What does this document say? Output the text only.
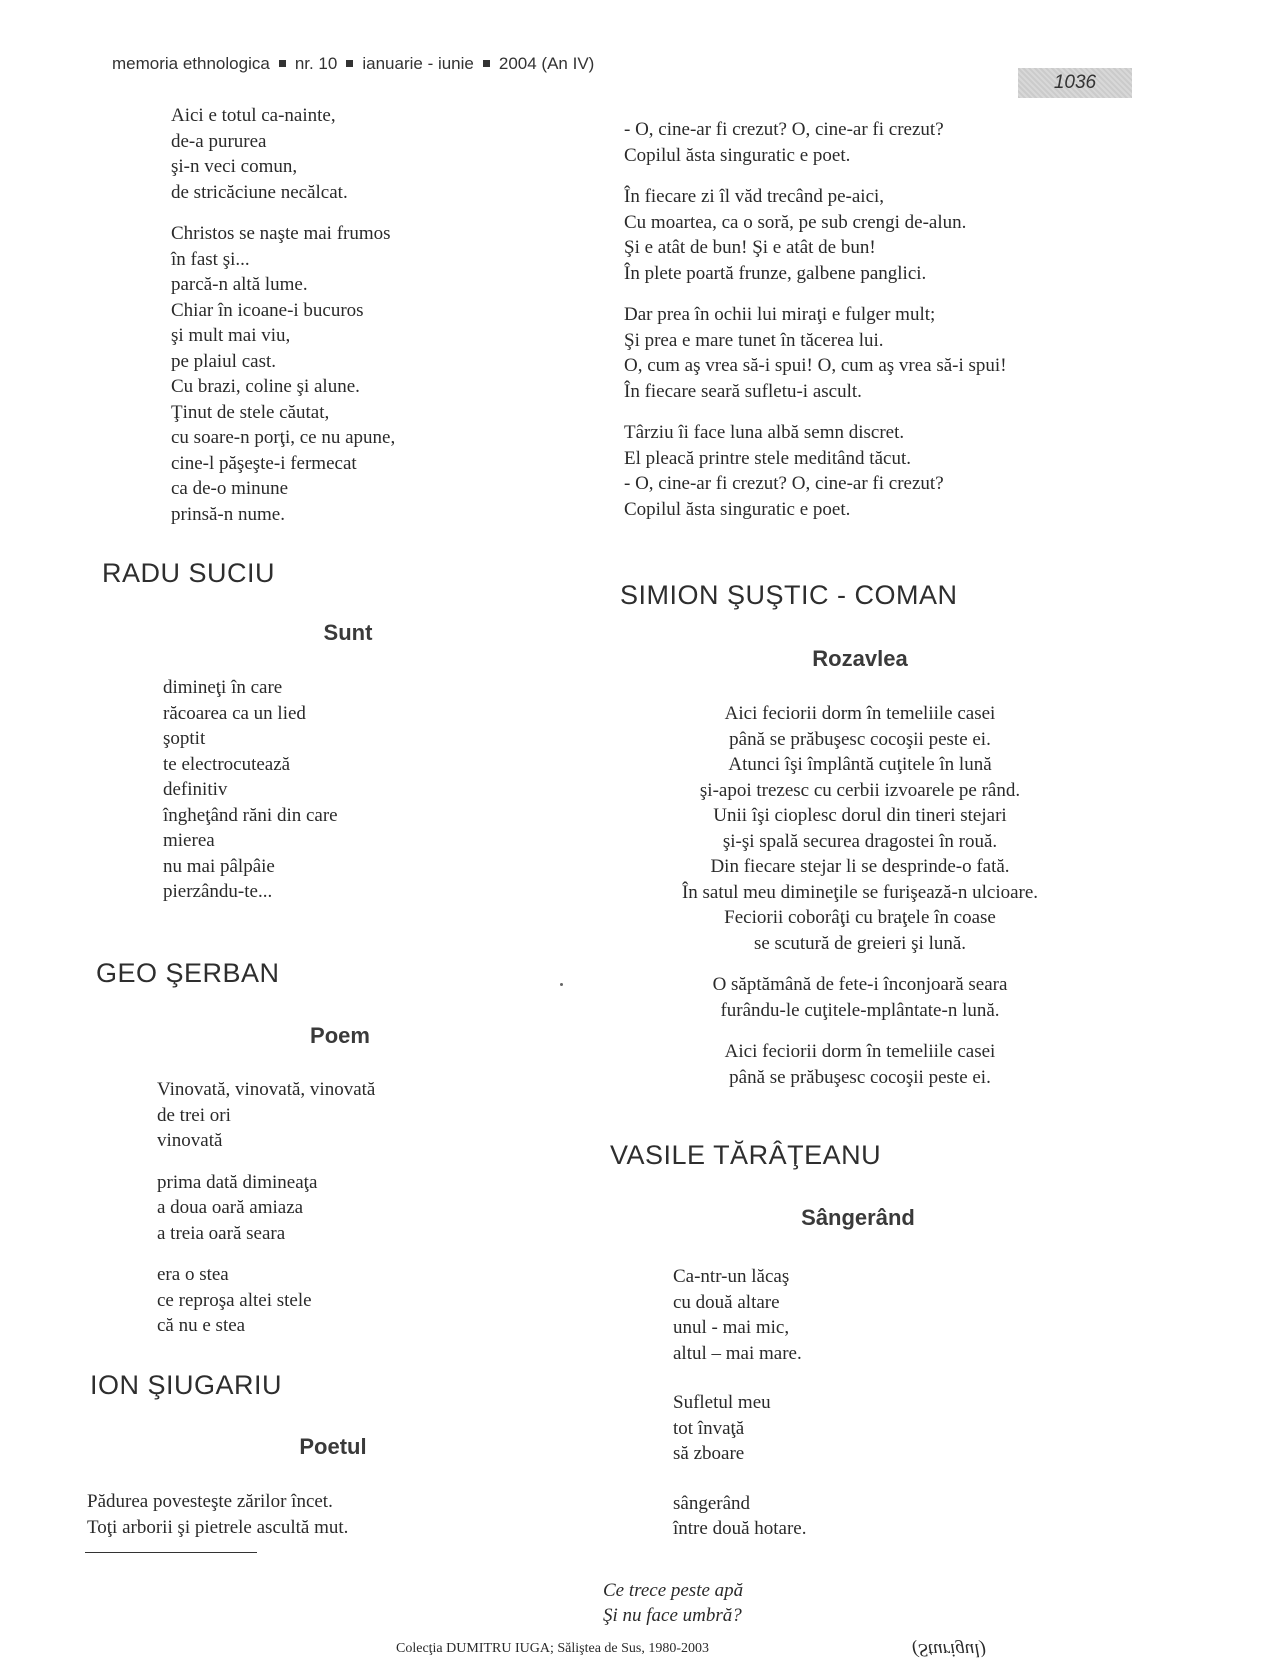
memoria ethnologica nr. 10 ianuarie - iunie 2004 (An IV)
1036
Aici e totul ca-nainte,
de-a pururea
şi-n veci comun,
de stricăciune necălcat.
Christos se naşte mai frumos
în fast şi...
parcă-n altă lume.
Chiar în icoane-i bucuros
şi mult mai viu,
pe plaiul cast.
Cu brazi, coline şi alune.
Ţinut de stele căutat,
cu soare-n porţi, ce nu apune,
cine-l păşeşte-i fermecat
ca de-o minune
prinsă-n nume.
RADU SUCIU
Sunt
dimineţi în care
răcoarea ca un lied
şoptit
te electrocutează
definitiv
îngheţând răni din care
mierea
nu mai pâlpâie
pierzându-te...
GEO ŞERBAN
Poem
Vinovată, vinovată, vinovată
de trei ori
vinovată
prima dată dimineaţa
a doua oară amiaza
a treia oară seara
era o stea
ce reproşa altei stele
că nu e stea
ION ŞIUGARIU
Poetul
Pădurea povesteşte zărilor încet.
Toţi arborii şi pietrele ascultă mut.
- O, cine-ar fi crezut? O, cine-ar fi crezut?
Copilul ăsta singuratic e poet.
În fiecare zi îl văd trecând pe-aici,
Cu moartea, ca o soră, pe sub crengi de-alun.
Şi e atât de bun! Şi e atât de bun!
În plete poartă frunze, galbene panglici.
Dar prea în ochii lui miraţi e fulger mult;
Şi prea e mare tunet în tăcerea lui.
O, cum aş vrea să-i spui! O, cum aş vrea să-i spui!
În fiecare seară sufletu-i ascult.
Târziu îi face luna albă semn discret.
El pleacă printre stele meditând tăcut.
- O, cine-ar fi crezut? O, cine-ar fi crezut?
Copilul ăsta singuratic e poet.
SIMION ŞUŞTIC - COMAN
Rozavlea
Aici feciorii dorm în temeliile casei
până se prăbuşesc cocoşii peste ei.
Atunci îşi împlântă cuţitele în lună
şi-apoi trezesc cu cerbii izvoarele pe rând.
Unii îşi cioplesc dorul din tineri stejari
şi-şi spală securea dragostei în rouă.
Din fiecare stejar li se desprinde-o fată.
În satul meu dimineţile se furişează-n ulcioare.
Feciorii coborâţi cu braţele în coase
se scutură de greieri şi lună.
O săptămână de fete-i înconjoară seara
furându-le cuţitele-mplântate-n lună.
Aici feciorii dorm în temeliile casei
până se prăbuşesc cocoşii peste ei.
VASILE TĂRÂŢEANU
Sângerând
Ca-ntr-un lăcaş
cu două altare
unul - mai mic,
altul – mai mare.
Sufletul meu
tot învaţă
să zboare
sângerând
între două hotare.
Ce trece peste apă
Şi nu face umbră?
Colecţia DUMITRU IUGA; Săliştea de Sus, 1980-2003	(Sturigul)
